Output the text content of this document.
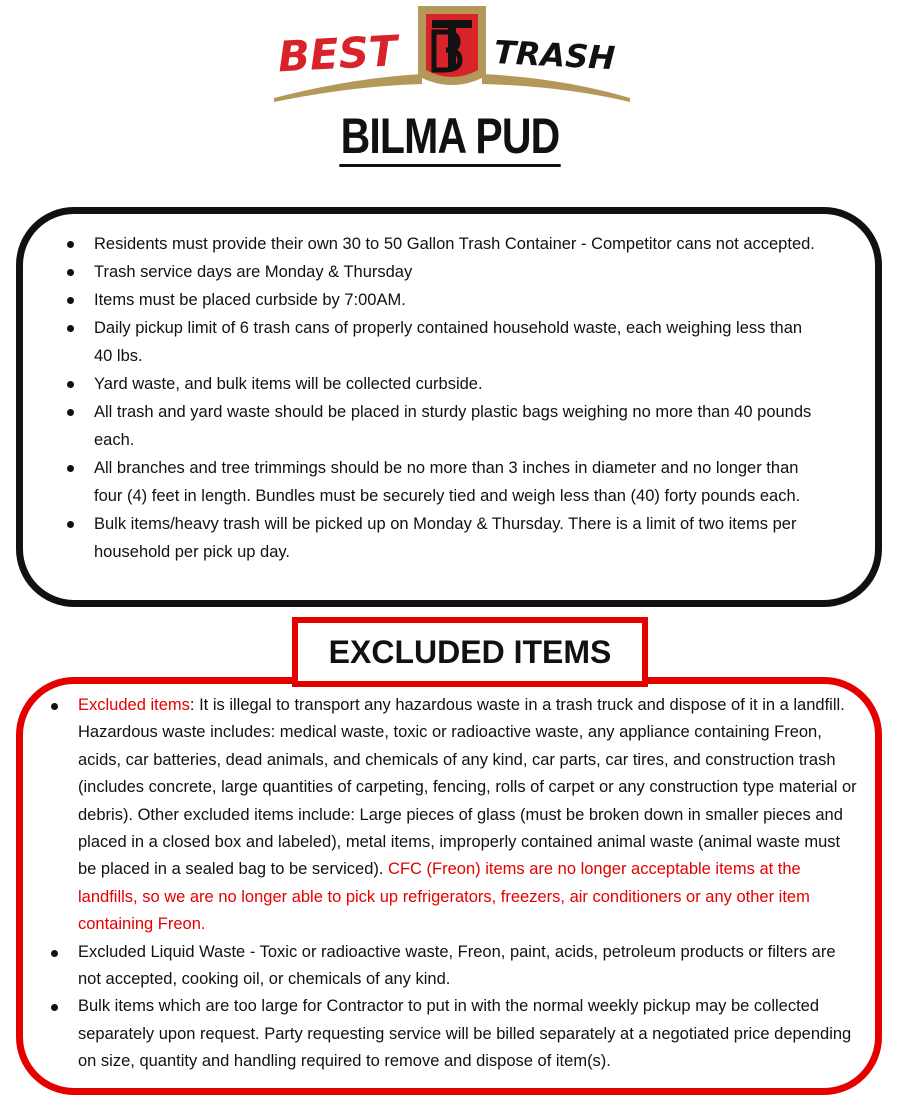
BEST	TRASH
BILMA PUD
Residents must provide their own 30 to 50 Gallon Trash Container - Competitor cans not accepted.
Trash service days are Monday & Thursday
Items must be placed curbside by 7:00AM.
Daily pickup limit of 6 trash cans of properly contained household waste, each weighing less than 40 lbs.
Yard waste, and bulk items will be collected curbside.
All trash and yard waste should be placed in sturdy plastic bags weighing no more than 40 pounds each.
All branches and tree trimmings should be no more than 3 inches in diameter and no longer than four (4) feet in length. Bundles must be securely tied and weigh less than (40) forty pounds each.
Bulk items/heavy trash will be picked up on Monday & Thursday. There is a limit of two items per household per pick up day.
EXCLUDED ITEMS
Excluded items: It is illegal to transport any hazardous waste in a trash truck and dispose of it in a landfill. Hazardous waste includes: medical waste, toxic or radioactive waste, any appliance containing Freon, acids, car batteries, dead animals, and chemicals of any kind, car parts, car tires, and construction trash (includes concrete, large quantities of carpeting, fencing, rolls of carpet or any construction type material or debris). Other excluded items include: Large pieces of glass (must be broken down in smaller pieces and placed in a closed box and labeled), metal items, improperly contained animal waste (animal waste must be placed in a sealed bag to be serviced). CFC (Freon) items are no longer acceptable items at the landfills, so we are no longer able to pick up refrigerators, freezers, air conditioners or any other item containing Freon.
Excluded Liquid Waste - Toxic or radioactive waste, Freon, paint, acids, petroleum products or filters are not accepted, cooking oil, or chemicals of any kind.
Bulk items which are too large for Contractor to put in with the normal weekly pickup may be collected separately upon request. Party requesting service will be billed separately at a negotiated price depending on size, quantity and handling required to remove and dispose of item(s).
